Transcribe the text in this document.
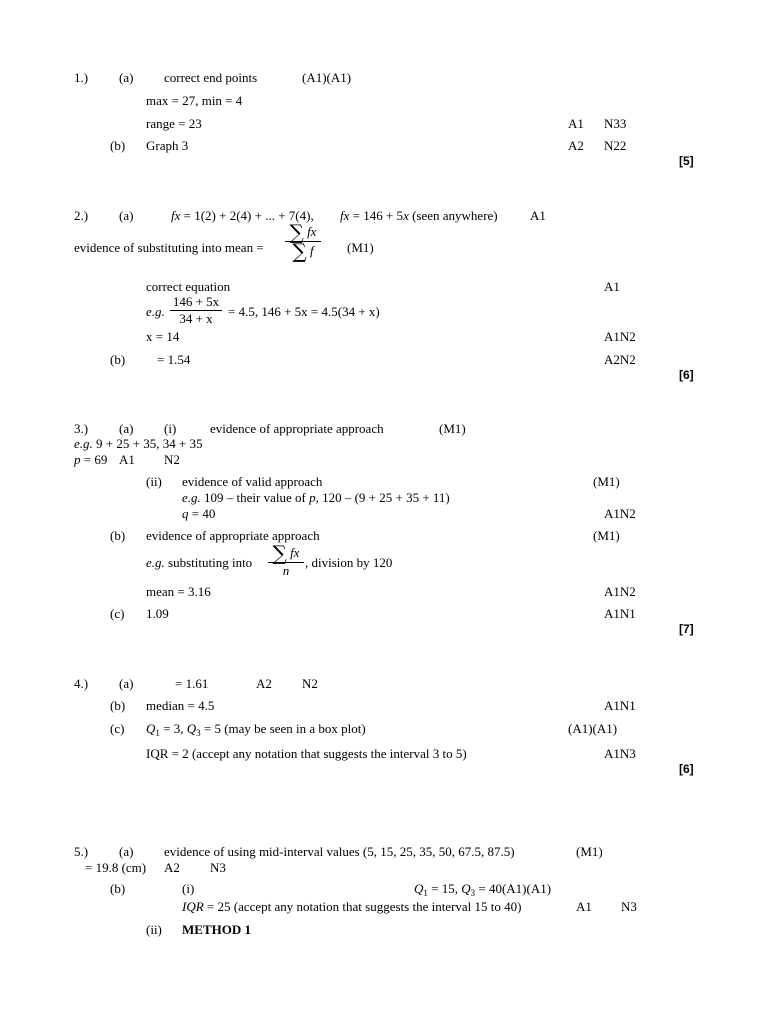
1.) (a) correct end points	(A1)(A1)
max = 27, min = 4
range = 23	A1 N33
(b) Graph 3	A2 N22
[5]
2.) (a)	fx = 1(2) + 2(4) + ... + 7(4), fx = 146 + 5x (seen anywhere) A1
evidence of substituting into mean =
∑ fx
∑ f	(M1)
correct equation	A1
e.g.
146 + 5x
34 + x	= 4.5, 146 + 5x = 4.5(34 + x)
x = 14	A1N2
(b) = 1.54	A2N2
[6]
3.) (a) (i)	evidence of appropriate approach	(M1)
e.g. 9 + 25 + 35, 34 + 35
p = 69 A1 N2
(ii) evidence of valid approach	(M1)
e.g. 109 – their value of p, 120 – (9 + 25 + 35 + 11)
q = 40	A1N2
(b) evidence of appropriate approach	(M1)
e.g. substituting into ∑ fx
n
, division by 120
mean = 3.16	A1N2
(c) 1.09	A1N1
[7]
4.) (a)	= 1.61	A2 N2
(b) median = 4.5	A1N1
(c) $Q_1 = 3$, $Q_3 = 5$ (may be seen in a box plot)	(A1)(A1)
IQR = 2 (accept any notation that suggests the interval 3 to 5)	A1N3
[6]
5.) (a) evidence of using mid-interval values (5, 15, 25, 35, 50, 67.5, 87.5)	(M1)
= 19.8 (cm) A2 N3
(b)	(i)	$Q_1 = 15$, $Q_3 = 40(A1)(A1)$
IQR = 25 (accept any notation that suggests the interval 15 to 40)	A1 N3
(ii) METHOD 1
